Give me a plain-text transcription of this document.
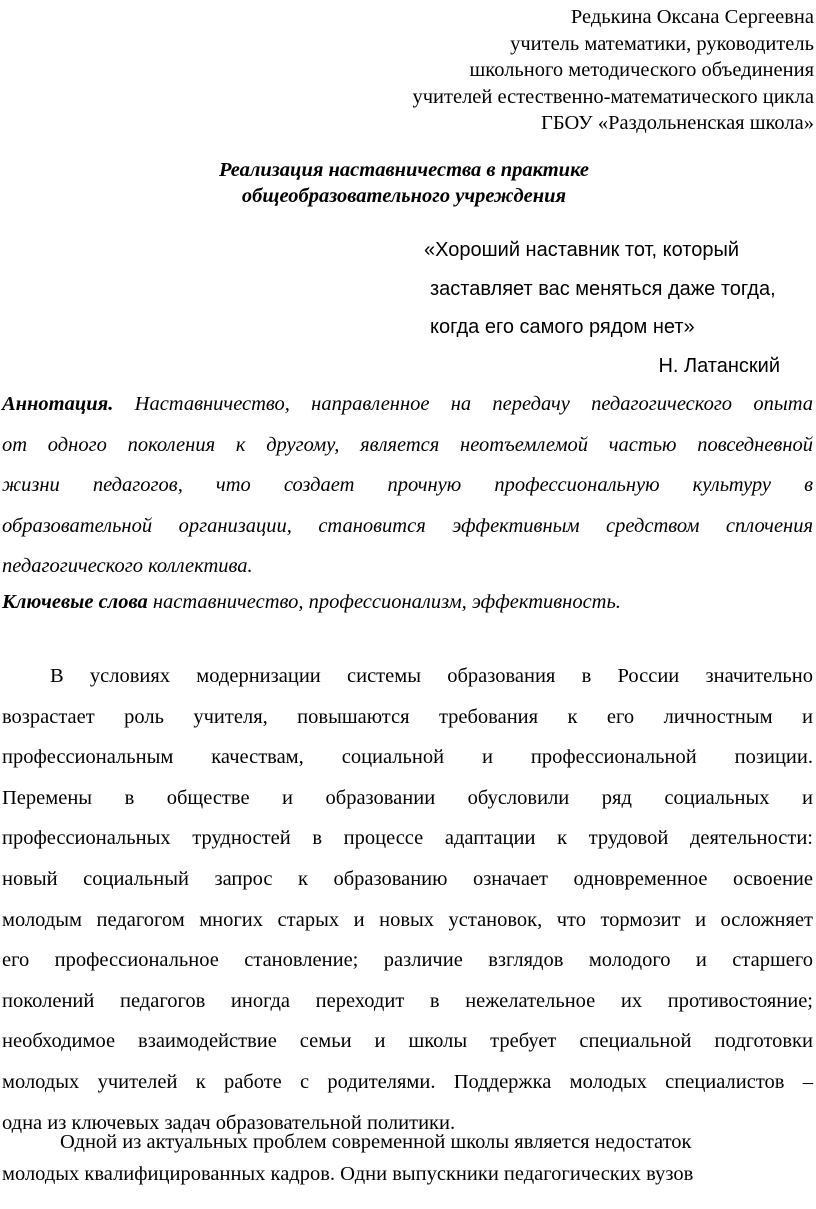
Редькина Оксана Сергеевна
учитель математики, руководитель
школьного методического объединения
учителей естественно-математического цикла
ГБОУ «Раздольненская школа»
Реализация наставничества в практике
общеобразовательного учреждения
«Хороший наставник тот, который
заставляет вас меняться даже тогда,
когда его самого рядом нет»
Н. Латанский
Аннотация. Наставничество, направленное на передачу педагогического опыта
от одного поколения к другому, является неотъемлемой частью повседневной
жизни педагогов, что создает прочную профессиональную культуру в
образовательной организации, становится эффективным средством сплочения
педагогического коллектива.
Ключевые слова наставничество, профессионализм, эффективность.
В условиях модернизации системы образования в России значительно
возрастает роль учителя, повышаются требования к его личностным и
профессиональным качествам, социальной и профессиональной позиции.
Перемены в обществе и образовании обусловили ряд социальных и
профессиональных трудностей в процессе адаптации к трудовой деятельности:
новый социальный запрос к образованию означает одновременное освоение
молодым педагогом многих старых и новых установок, что тормозит и осложняет
его профессиональное становление; различие взглядов молодого и старшего
поколений педагогов иногда переходит в нежелательное их противостояние;
необходимое взаимодействие семьи и школы требует специальной подготовки
молодых учителей к работе с родителями. Поддержка молодых специалистов –
одна из ключевых задач образовательной политики.
Одной из актуальных проблем современной школы является недостаток
молодых квалифицированных кадров. Одни выпускники педагогических вузов
